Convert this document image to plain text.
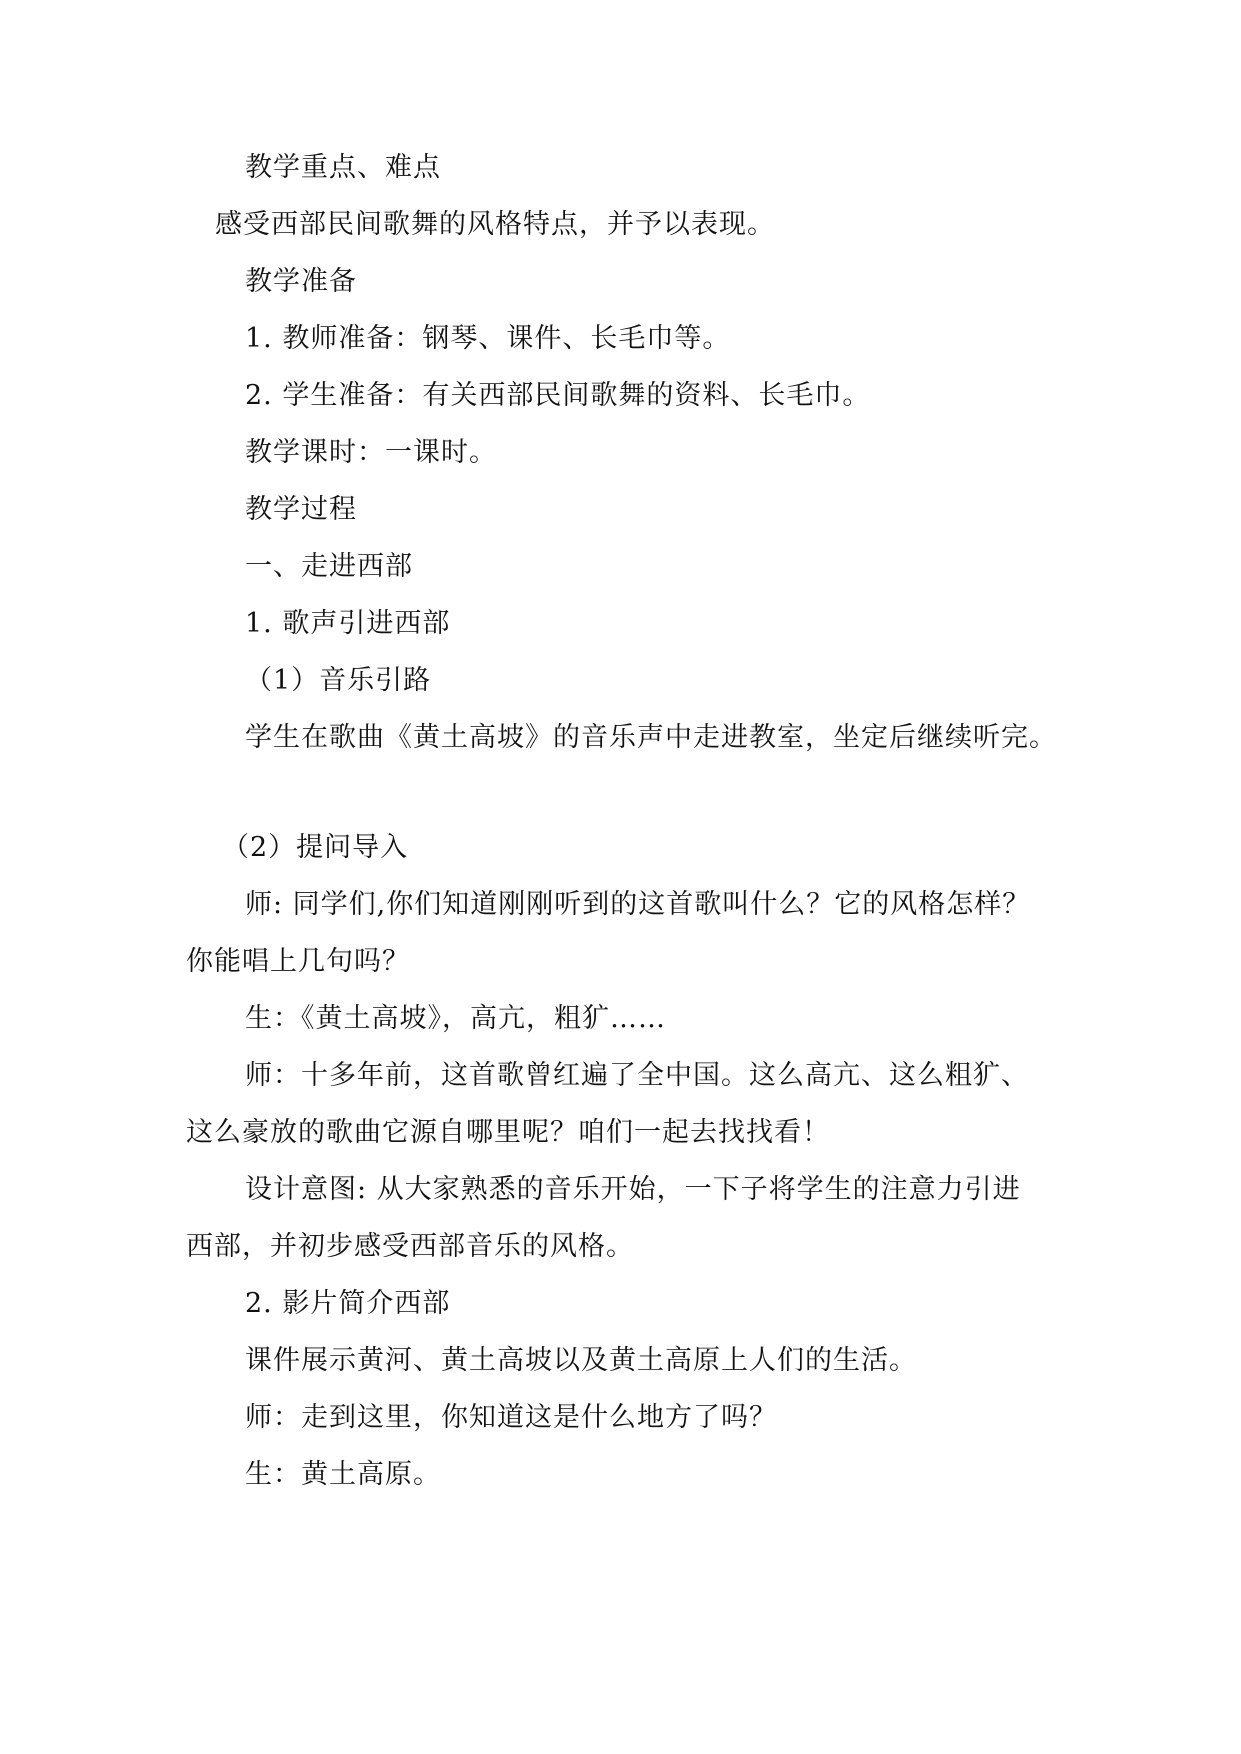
教学重点、难点
感受西部民间歌舞的风格特点，并予以表现。
教学准备
1. 教师准备：钢琴、课件、长毛巾等。
2. 学生准备：有关西部民间歌舞的资料、长毛巾。
教学课时：一课时。
教学过程
一、走进西部
1. 歌声引进西部
（1）音乐引路
学生在歌曲《黄土高坡》的音乐声中走进教室，坐定后继续听完。
（2）提问导入
师: 同学们,你们知道刚刚听到的这首歌叫什么？它的风格怎样？
你能唱上几句吗？
生：《黄土高坡》，高亢，粗犷……
师：十多年前，这首歌曾红遍了全中国。这么高亢、这么粗犷、
这么豪放的歌曲它源自哪里呢？咱们一起去找找看！
设计意图: 从大家熟悉的音乐开始，一下子将学生的注意力引进
西部，并初步感受西部音乐的风格。
2. 影片简介西部
课件展示黄河、黄土高坡以及黄土高原上人们的生活。
师：走到这里，你知道这是什么地方了吗？
生：黄土高原。
